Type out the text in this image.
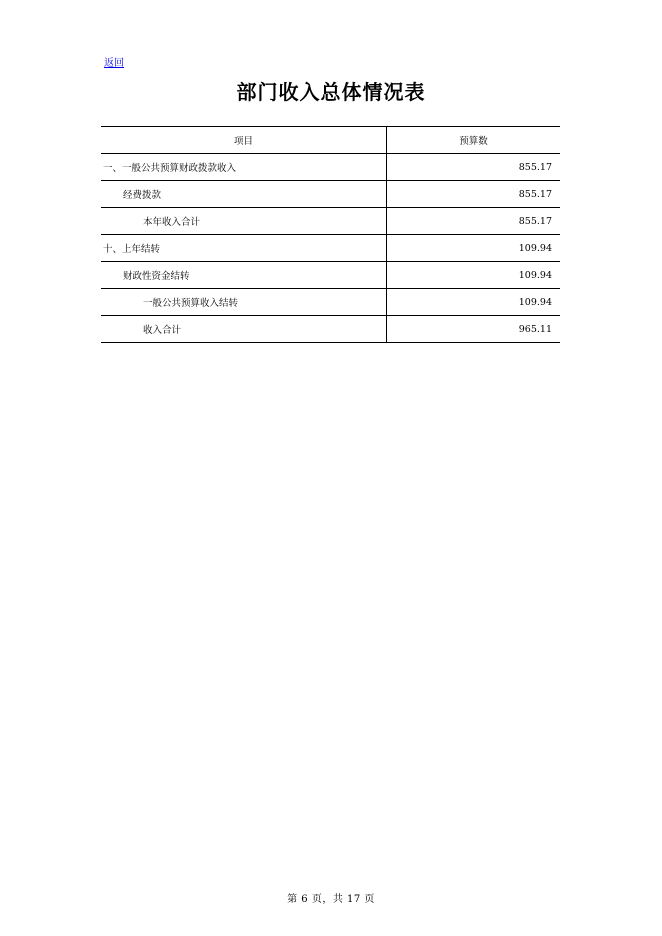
返回
部门收入总体情况表
项目	预算数
一、一般公共预算财政拨款收入	855.17
经费拨款	855.17
本年收入合计	855.17
十、上年结转	109.94
财政性资金结转	109.94
一般公共预算收入结转	109.94
收入合计	965.11
第 6 页，共 17 页
